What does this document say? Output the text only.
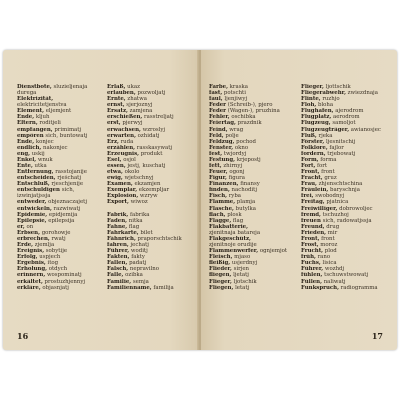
Dienstbote, sluzieljenaja
durega
Elektrizität,
elektricitetjenstva
Element, eljemjent
Ende, kljuh
Eltern, roditjeli
empfangen, primimatj
empören sich, buntowatj
Ende, konjec
endlich, nakonjec
eng, uskij
Enkel, wnuk
Ente, utka
Entfernung, rasstojanije
entscheiden, rješchatj
Entschluß, rjeschjenije
entschuldigen sich,
izwinjatjssja
entweder, objeznaczajetj
entwickeln, razwiwatj
Epidemie, epidjemija
Epilepsie, epilepsija
er, on
Erbsen, gorohowje
erbrechen, rwatj
Erde, zjemlja
Ereignis, sobytije
Erfolg, uspjech
Ergebnis, itog
Erholung, otdych
erinnern, wospominatj
erkältet, prostuzhjennyj
erkläre, objasnjatj
Erlaß, ukaz
erlauben, pozwoljatj
Ernte, zhatwa
ernst, sjerjoznyj
Ersatz, zamjena
erschießen, rasstreljatj
erst, pjerwyj
erwachsen, wzroslyj
erwarten, ozhidatj
Erz, ruda
erzählen, rasskasywatj
Erzeugnis, produkt
Esel, osjol
essen, jestj, kuschatj
etwa, okolo
ewig, wjetschnyj
Examen, ekzamjen
Exemplar, ekzempljar
Explosion, wzryw
Export, wiwoz
Fabrik, fabrika
Faden, nitka
Fahne, flag
Fahrkarte, bilet
Fähnrich, praporschtschik
fahren, jechatj
Führer, woditj
Fakten, fakty
Fallen, padatj
Falsch, nepravilno
Falle, ozibka
Familie, semja
Familienname, familija
16
Farbe, kraska
fast, potschti
faul, ljenjiwyj
Feder (Schreib-), pjero
Feder (Wagen-), pruzhina
Fehler, oschibka
Feiertag, prazdnik
Feind, wrag
Feld, polje
Feldzug, pochod
Fenster, okno
fest, twjordyj
Festung, krjepostj
fett, zhirnyj
Feuer, ogonj
Figur, figura
Finanzen, finansy
finden, nachoditj
Fisch, ryba
Flamme, plamja
Flasche, butylka
flach, plosk
Flagge, flag
Flakbatterie,
zjenitnaja batareja
Flakgeschütz,
zjenitnoje orudije
Flammenwerfer, ognjemjot
Fleisch, mjaso
fleißig, usjerdnyj
Flieder, sirjen
fliegen, ljetatj
Flieger, ljotschik
Fliegen, letatj
Flieger, ljottschik
Fliegerabwehr, zwiezdnaja
Flinte, ruzhjo
Floh, bloha
Flughafen, ajerodrom
Flugplatz, aerodrom
Flugzeug, samoljot
Flugzeugträger, awianosjec
Fluß, rjeka
Förster, ljesnitschij
Folklore, fajlor
fordern, trjebowatj
Form, forma
Fort, fort
Front, front
Fracht, gruz
Frau, zhjenschtschina
Fräulein, baryschnja
frei, swobodnyj
Freitag, pjatnica
Freiwilliger, dobrowoljec
fremd, tschuzhoj
freuen sich, radowatjssja
Freund, drug
Frieden, mir
Front, front
Frost, moroz
Frucht, plod
früh, rano
Fuchs, lisica
Führer, wozhdj
fühlen, tschuwstwowatj
Füllen, naliwatj
Funkspruch, radiogramma
17
